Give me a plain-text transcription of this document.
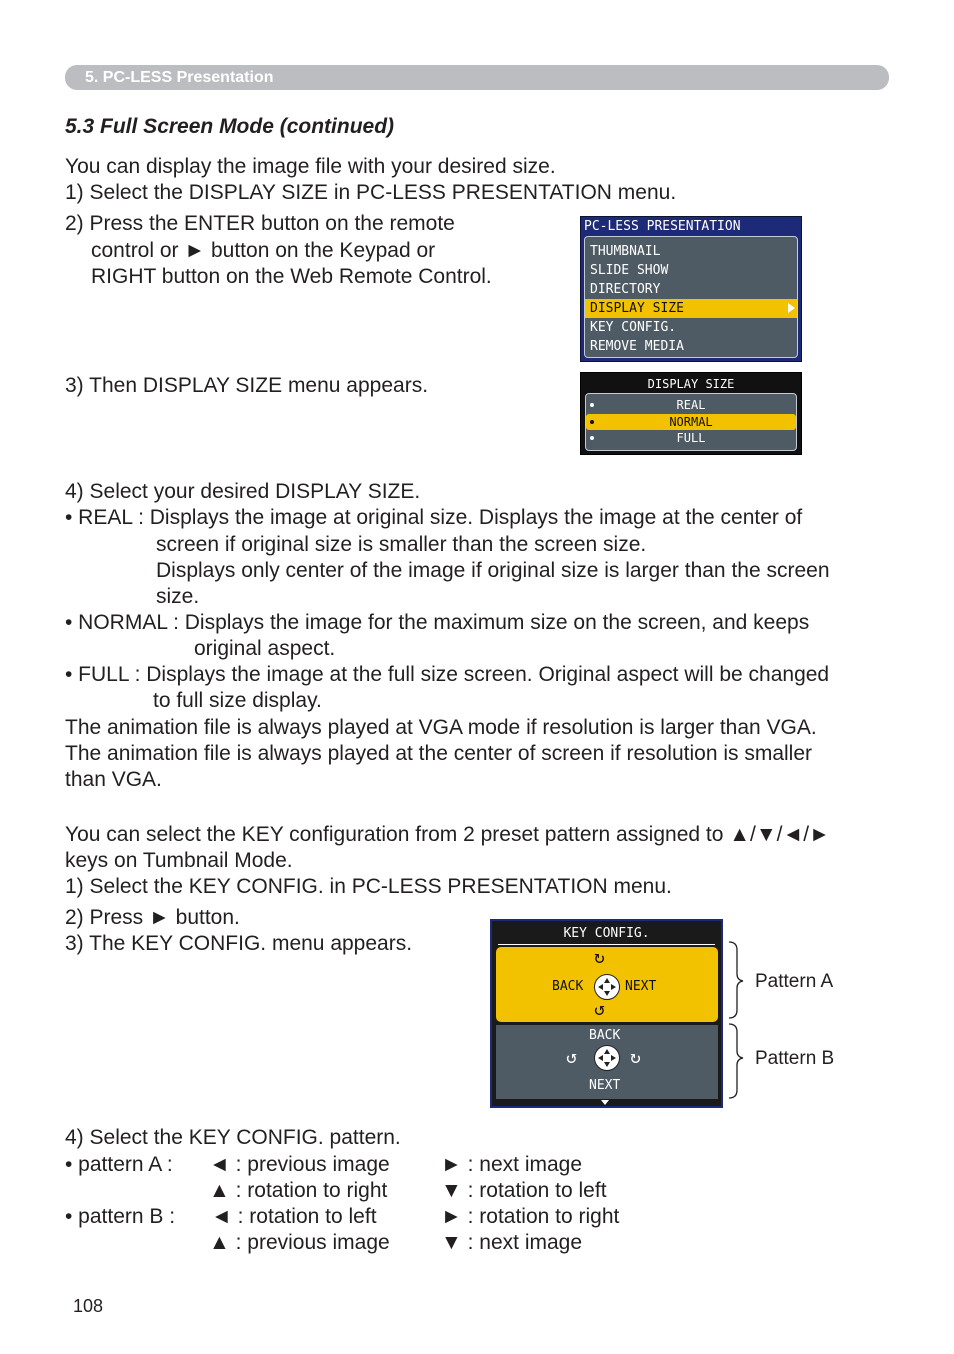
5. PC-LESS Presentation
5.3 Full Screen Mode (continued)
You can display the image file with your desired size.
1) Select the DISPLAY SIZE in PC-LESS PRESENTATION menu.
2) Press the ENTER button on the remote
control or ► button on the Keypad or
RIGHT button on the Web Remote Control.
3) Then DISPLAY SIZE menu appears.
4) Select your desired DISPLAY SIZE.
• REAL : Displays the image at original size. Displays the image at the center of
screen if original size is smaller than the screen size.
Displays only center of the image if original size is larger than the screen
size.
• NORMAL : Displays the image for the maximum size on the screen, and keeps
original aspect.
• FULL : Displays the image at the full size screen. Original aspect will be changed
to full size display.
The animation file is always played at VGA mode if resolution is larger than VGA.
The animation file is always played at the center of screen if resolution is smaller
than VGA.
PC-LESS PRESENTATION
THUMBNAIL
SLIDE SHOW
DIRECTORY
DISPLAY SIZE
KEY CONFIG.
REMOVE MEDIA
DISPLAY SIZE
REAL
NORMAL
FULL
You can select the KEY configuration from 2 preset pattern assigned to ▲/▼/◄/►
keys on Tumbnail Mode.
1) Select the KEY CONFIG. in PC-LESS PRESENTATION menu.
2) Press ► button.
3) The KEY CONFIG. menu appears.
4) Select the KEY CONFIG. pattern.
• pattern A : ◄ : previous image ► : next image
▲ : rotation to right	▼ : rotation to left
• pattern B : ◄ : rotation to left	► : rotation to right
▲ : previous image ▼ : next image
KEY CONFIG.
↻
BACK	NEXT
↺
BACK
↺	↻
NEXT
Pattern A
Pattern B
108
